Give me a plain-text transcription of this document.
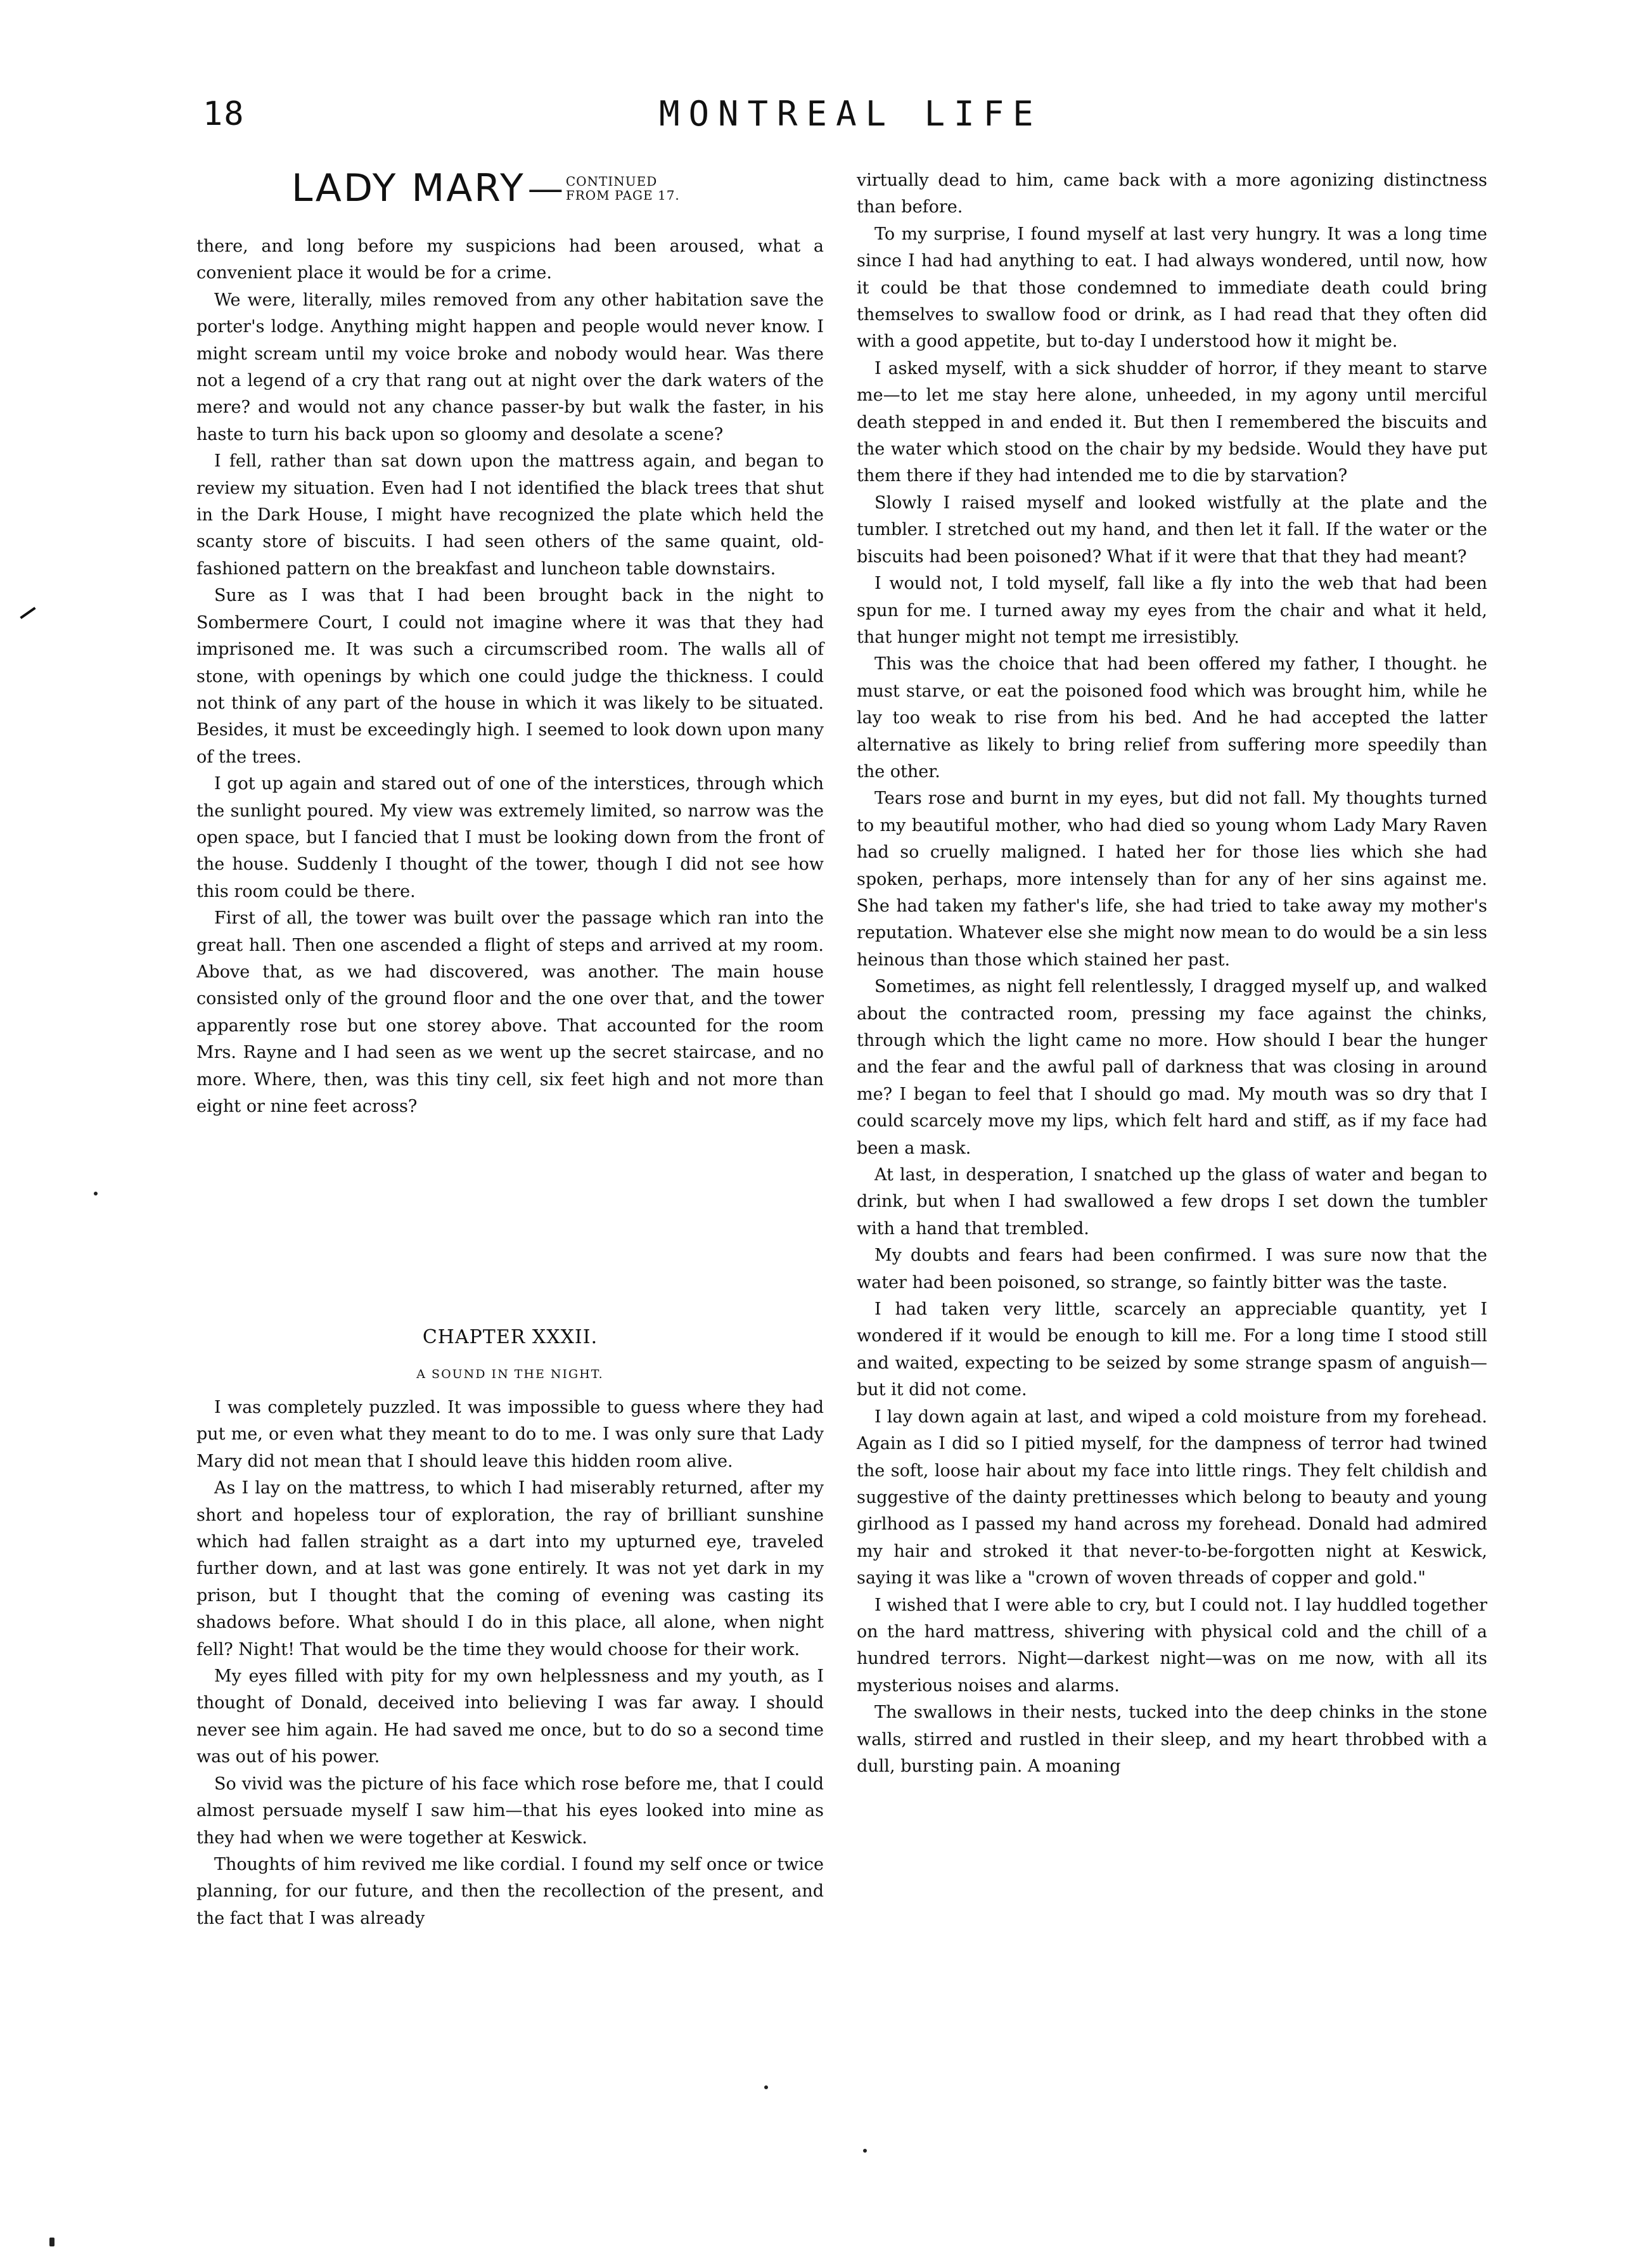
18	MONTREAL LIFE
LADY MARY — CONTINUED
FROM PAGE 17.

there, and long before my suspicions had been aroused, what a convenient place it would be for a crime.

We were, literally, miles removed from any other habitation save the porter's lodge. Anything might happen and people would never know. I might scream until my voice broke and nobody would hear. Was there not a legend of a cry that rang out at night over the dark waters of the mere? and would not any chance passer-by but walk the faster, in his haste to turn his back upon so gloomy and desolate a scene?

I fell, rather than sat down upon the mattress again, and began to review my situation. Even had I not identified the black trees that shut in the Dark House, I might have recognized the plate which held the scanty store of biscuits. I had seen others of the same quaint, old-fashioned pattern on the breakfast and luncheon table downstairs.

Sure as I was that I had been brought back in the night to Sombermere Court, I could not imagine where it was that they had imprisoned me. It was such a circumscribed room. The walls all of stone, with openings by which one could judge the thickness. I could not think of any part of the house in which it was likely to be situated. Besides, it must be exceedingly high. I seemed to look down upon many of the trees.

I got up again and stared out of one of the interstices, through which the sunlight poured. My view was extremely limited, so narrow was the open space, but I fancied that I must be looking down from the front of the house. Suddenly I thought of the tower, though I did not see how this room could be there.

First of all, the tower was built over the passage which ran into the great hall. Then one ascended a flight of steps and arrived at my room. Above that, as we had discovered, was another. The main house consisted only of the ground floor and the one over that, and the tower apparently rose but one storey above. That accounted for the room Mrs. Rayne and I had seen as we went up the secret staircase, and no more. Where, then, was this tiny cell, six feet high and not more than eight or nine feet across?

CHAPTER XXXII.
A SOUND IN THE NIGHT.

I was completely puzzled. It was impossible to guess where they had put me, or even what they meant to do to me. I was only sure that Lady Mary did not mean that I should leave this hidden room alive.

As I lay on the mattress, to which I had miserably returned, after my short and hopeless tour of exploration, the ray of brilliant sunshine which had fallen straight as a dart into my upturned eye, traveled further down, and at last was gone entirely. It was not yet dark in my prison, but I thought that the coming of evening was casting its shadows before. What should I do in this place, all alone, when night fell? Night! That would be the time they would choose for their work.

My eyes filled with pity for my own helplessness and my youth, as I thought of Donald, deceived into believing I was far away. I should never see him again. He had saved me once, but to do so a second time was out of his power.

So vivid was the picture of his face which rose before me, that I could almost persuade myself I saw him—that his eyes looked into mine as they had when we were together at Keswick.

Thoughts of him revived me like cordial. I found my self once or twice planning, for our future, and then the recollection of the present, and the fact that I was already

virtually dead to him, came back with a more agonizing distinctness than before.

To my surprise, I found myself at last very hungry. It was a long time since I had had anything to eat. I had always wondered, until now, how it could be that those condemned to immediate death could bring themselves to swallow food or drink, as I had read that they often did with a good appetite, but to-day I understood how it might be.

I asked myself, with a sick shudder of horror, if they meant to starve me—to let me stay here alone, unheeded, in my agony until merciful death stepped in and ended it. But then I remembered the biscuits and the water which stood on the chair by my bedside. Would they have put them there if they had intended me to die by starvation?

Slowly I raised myself and looked wistfully at the plate and the tumbler. I stretched out my hand, and then let it fall. If the water or the biscuits had been poisoned? What if it were that that they had meant?

I would not, I told myself, fall like a fly into the web that had been spun for me. I turned away my eyes from the chair and what it held, that hunger might not tempt me irresistibly.

This was the choice that had been offered my father, I thought. he must starve, or eat the poisoned food which was brought him, while he lay too weak to rise from his bed. And he had accepted the latter alternative as likely to bring relief from suffering more speedily than the other.

Tears rose and burnt in my eyes, but did not fall. My thoughts turned to my beautiful mother, who had died so young whom Lady Mary Raven had so cruelly maligned. I hated her for those lies which she had spoken, perhaps, more intensely than for any of her sins against me. She had taken my father's life, she had tried to take away my mother's reputation. Whatever else she might now mean to do would be a sin less heinous than those which stained her past.

Sometimes, as night fell relentlessly, I dragged myself up, and walked about the contracted room, pressing my face against the chinks, through which the light came no more. How should I bear the hunger and the fear and the awful pall of darkness that was closing in around me? I began to feel that I should go mad. My mouth was so dry that I could scarcely move my lips, which felt hard and stiff, as if my face had been a mask.

At last, in desperation, I snatched up the glass of water and began to drink, but when I had swallowed a few drops I set down the tumbler with a hand that trembled.

My doubts and fears had been confirmed. I was sure now that the water had been poisoned, so strange, so faintly bitter was the taste.

I had taken very little, scarcely an appreciable quantity, yet I wondered if it would be enough to kill me. For a long time I stood still and waited, expecting to be seized by some strange spasm of anguish—but it did not come.

I lay down again at last, and wiped a cold moisture from my forehead. Again as I did so I pitied myself, for the dampness of terror had twined the soft, loose hair about my face into little rings. They felt childish and suggestive of the dainty prettinesses which belong to beauty and young girlhood as I passed my hand across my forehead. Donald had admired my hair and stroked it that never-to-be-forgotten night at Keswick, saying it was like a "crown of woven threads of copper and gold."

I wished that I were able to cry, but I could not. I lay huddled together on the hard mattress, shivering with physical cold and the chill of a hundred terrors. Night—darkest night—was on me now, with all its mysterious noises and alarms.

The swallows in their nests, tucked into the deep chinks in the stone walls, stirred and rustled in their sleep, and my heart throbbed with a dull, bursting pain. A moaning
